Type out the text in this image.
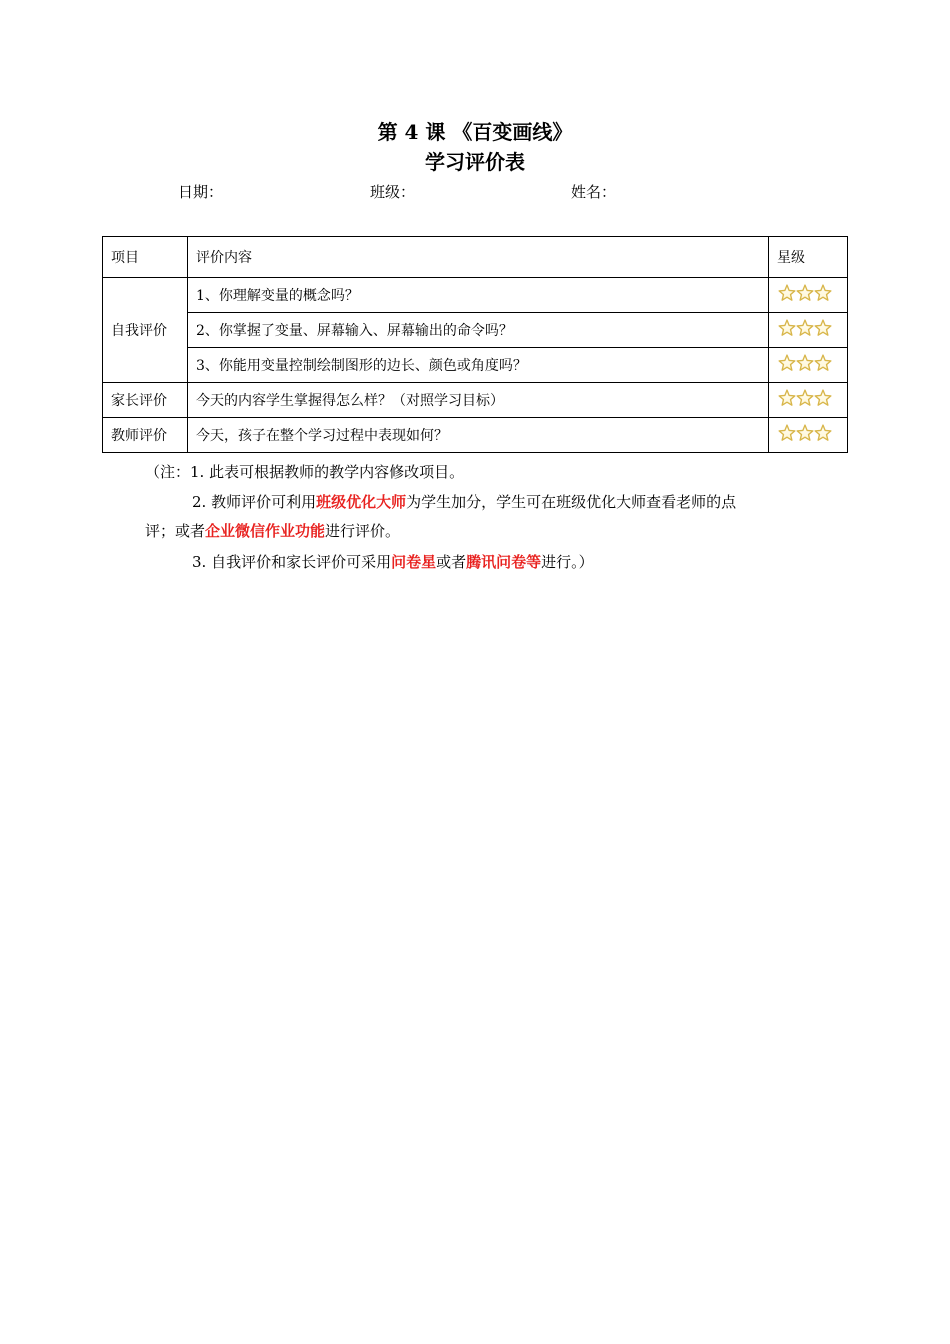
第 4 课 《百变画线》
学习评价表
日期：	班级：	姓名：
项目	评价内容	星级
自我评价	1、你理解变量的概念吗？	

	2、你掌握了变量、屏幕输入、屏幕输出的命令吗？	

	3、你能用变量控制绘制图形的边长、颜色或角度吗？	

家长评价	今天的内容学生掌握得怎么样？（对照学习目标）	

教师评价	今天，孩子在整个学习过程中表现如何？	
（注：1. 此表可根据教师的教学内容修改项目。
2. 教师评价可利用班级优化大师为学生加分，学生可在班级优化大师查看老师的点
评；或者企业微信作业功能进行评价。
3. 自我评价和家长评价可采用问卷星或者腾讯问卷等进行。）
